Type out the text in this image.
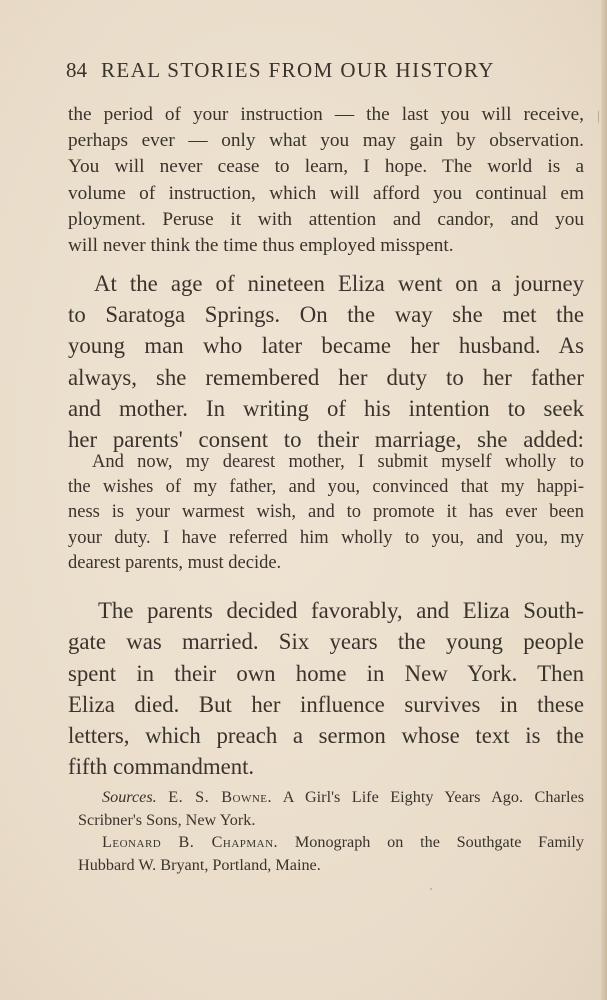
84 REAL STORIES FROM OUR HISTORY

the period of your instruction — the last you will receive,

perhaps ever — only what you may gain by observation.

You will never cease to learn, I hope. The world is a

volume of instruction, which will afford you continual em

ployment. Peruse it with attention and candor, and you

will never think the time thus employed misspent.

At the age of nineteen Eliza went on a journey

to Saratoga Springs. On the way she met the

young man who later became her husband. As

always, she remembered her duty to her father

and mother. In writing of his intention to seek

her parents' consent to their marriage, she added:

And now, my dearest mother, I submit myself wholly to

the wishes of my father, and you, convinced that my happi-

ness is your warmest wish, and to promote it has ever been

your duty. I have referred him wholly to you, and you, my

dearest parents, must decide.

The parents decided favorably, and Eliza South-

gate was married. Six years the young people

spent in their own home in New York. Then

Eliza died. But her influence survives in these

letters, which preach a sermon whose text is the

fifth commandment.

Sources. E. S. Bowne. A Girl's Life Eighty Years Ago. Charles
Scribner's Sons, New York.
Leonard B. Chapman. Monograph on the Southgate Family
Hubbard W. Bryant, Portland, Maine.
